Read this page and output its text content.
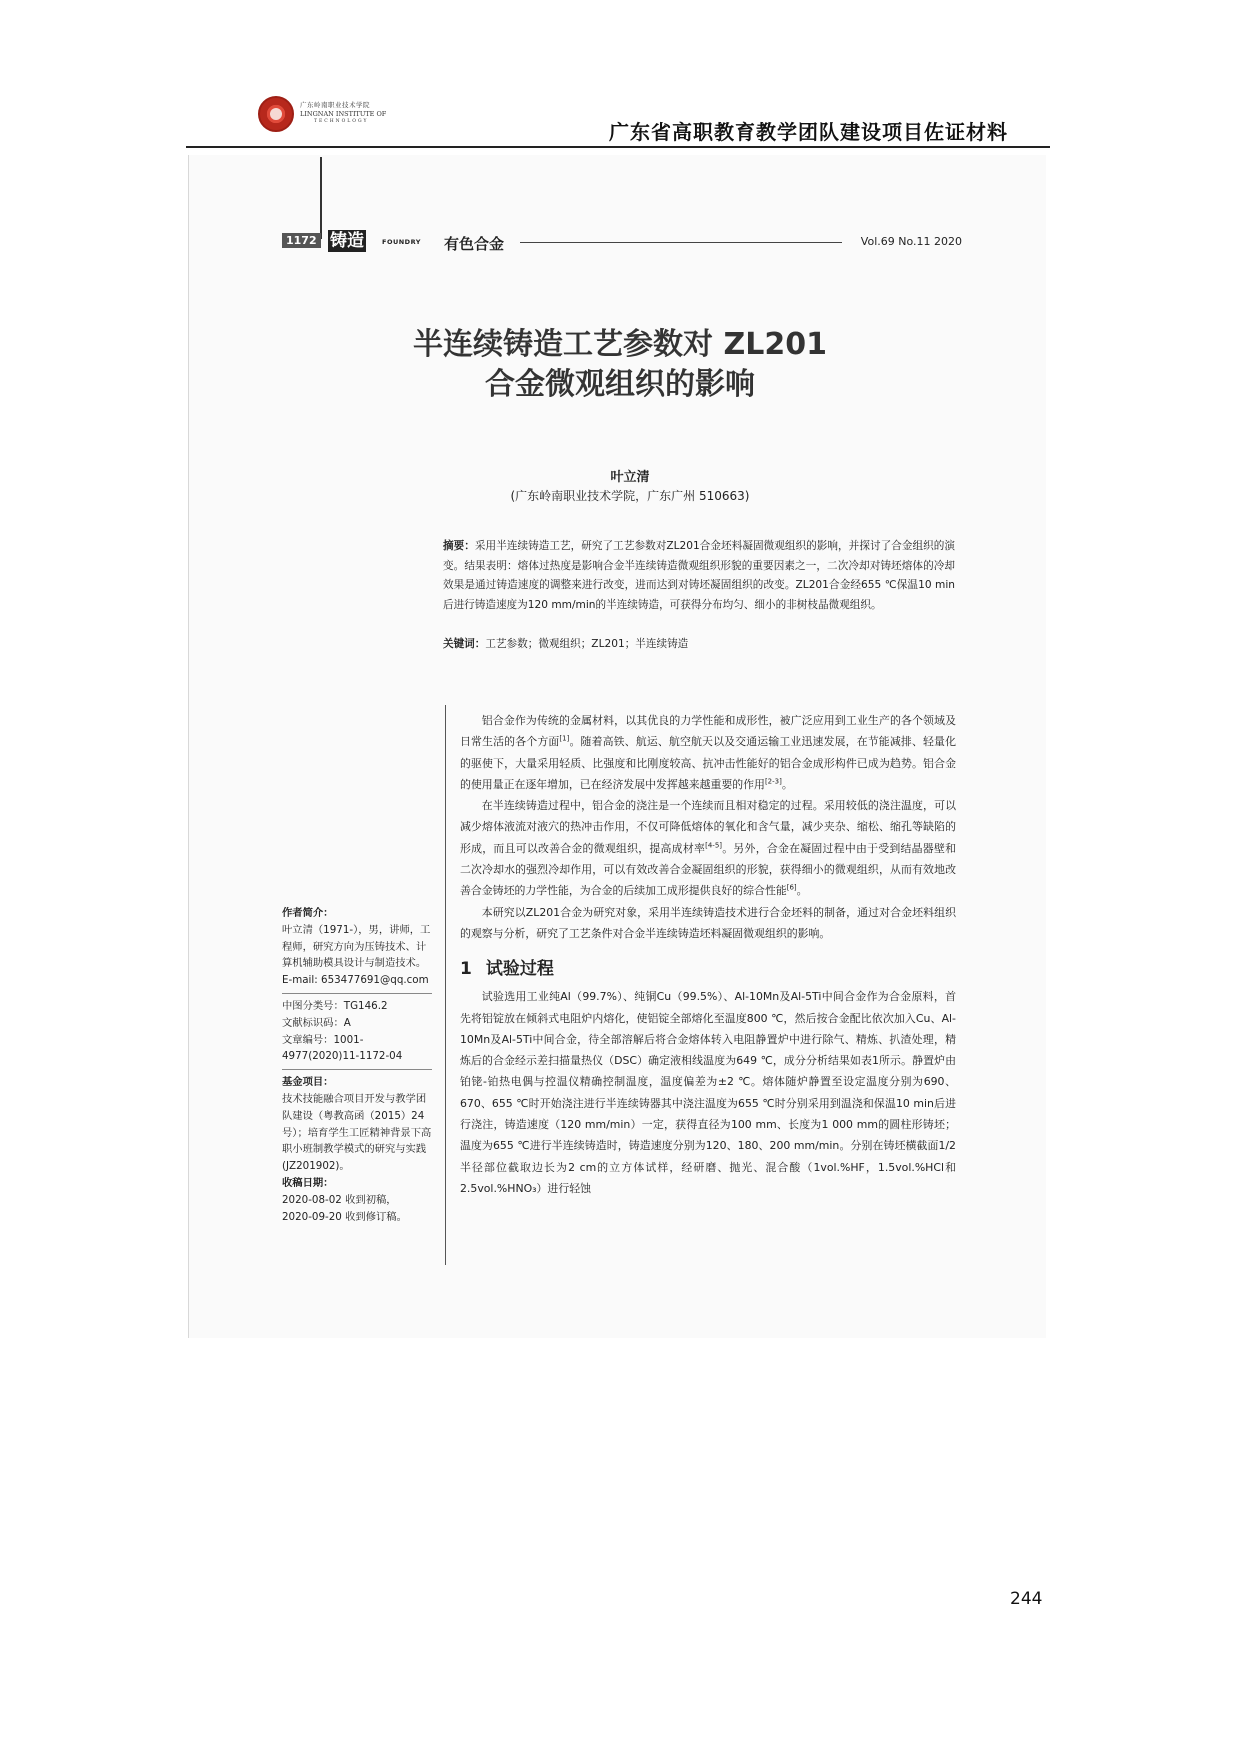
广东岭南职业技术学院
LINGNAN INSTITUTE OF
TECHNOLOGY	广东省高职教育教学团队建设项目佐证材料
1172 铸造	FOUNDRY 有色合金	Vol.69 No.11 2020
半连续铸造工艺参数对 ZL201
合金微观组织的影响
叶立清
(广东岭南职业技术学院，广东广州 510663)
摘要：采用半连续铸造工艺，研究了工艺参数对ZL201合金坯料凝固微观组织的影响，并探讨了合金组织的演变。结果表明：熔体过热度是影响合金半连续铸造微观组织形貌的重要因素之一，二次冷却对铸坯熔体的冷却效果是通过铸造速度的调整来进行改变，进而达到对铸坯凝固组织的改变。ZL201合金经655 ℃保温10 min后进行铸造速度为120 mm/min的半连续铸造，可获得分布均匀、细小的非树枝晶微观组织。
关键词：工艺参数；微观组织；ZL201；半连续铸造
作者简介：
叶立清（1971-），男，讲师，工程师，研究方向为压铸技术、计算机辅助模具设计与制造技术。E-mail: 653477691@qq.com
中图分类号：TG146.2
文献标识码：A
文章编号：1001-4977(2020)11-1172-04
基金项目：
技术技能融合项目开发与教学团队建设（粤教高函（2015）24号）；培育学生工匠精神背景下高职小班制教学模式的研究与实践(JZ201902)。
收稿日期：
2020-08-02 收到初稿，
2020-09-20 收到修订稿。

铝合金作为传统的金属材料，以其优良的力学性能和成形性，被广泛应用到工业生产的各个领域及日常生活的各个方面[1]。随着高铁、航运、航空航天以及交通运输工业迅速发展，在节能减排、轻量化的驱使下，大量采用轻质、比强度和比刚度较高、抗冲击性能好的铝合金成形构件已成为趋势。铝合金的使用量正在逐年增加，已在经济发展中发挥越来越重要的作用[2-3]。

在半连续铸造过程中，铝合金的浇注是一个连续而且相对稳定的过程。采用较低的浇注温度，可以减少熔体液流对液穴的热冲击作用，不仅可降低熔体的氧化和含气量，减少夹杂、缩松、缩孔等缺陷的形成，而且可以改善合金的微观组织，提高成材率[4-5]。另外，合金在凝固过程中由于受到结晶器壁和二次冷却水的强烈冷却作用，可以有效改善合金凝固组织的形貌，获得细小的微观组织，从而有效地改善合金铸坯的力学性能，为合金的后续加工成形提供良好的综合性能[6]。

本研究以ZL201合金为研究对象，采用半连续铸造技术进行合金坯料的制备，通过对合金坯料组织的观察与分析，研究了工艺条件对合金半连续铸造坯料凝固微观组织的影响。

1 试验过程

试验选用工业纯Al（99.7%）、纯铜Cu（99.5%）、Al-10Mn及Al-5Ti中间合金作为合金原料，首先将铝锭放在倾斜式电阻炉内熔化，使铝锭全部熔化至温度800 ℃，然后按合金配比依次加入Cu、Al-10Mn及Al-5Ti中间合金，待全部溶解后将合金熔体转入电阻静置炉中进行除气、精炼、扒渣处理，精炼后的合金经示差扫描量热仪（DSC）确定液相线温度为649 ℃，成分分析结果如表1所示。静置炉由铂铑-铂热电偶与控温仪精确控制温度，温度偏差为±2 ℃。熔体随炉静置至设定温度分别为690、670、655 ℃时开始浇注进行半连续铸器其中浇注温度为655 ℃时分别采用到温浇和保温10 min后进行浇注，铸造速度（120 mm/min）一定，获得直径为100 mm、长度为1 000 mm的圆柱形铸坯；温度为655 ℃进行半连续铸造时，铸造速度分别为120、180、200 mm/min。分别在铸坯横截面1/2半径部位截取边长为2 cm的立方体试样，经研磨、抛光、混合酸（1vol.%HF，1.5vol.%HCl和2.5vol.%HNO₃）进行轻蚀

244
